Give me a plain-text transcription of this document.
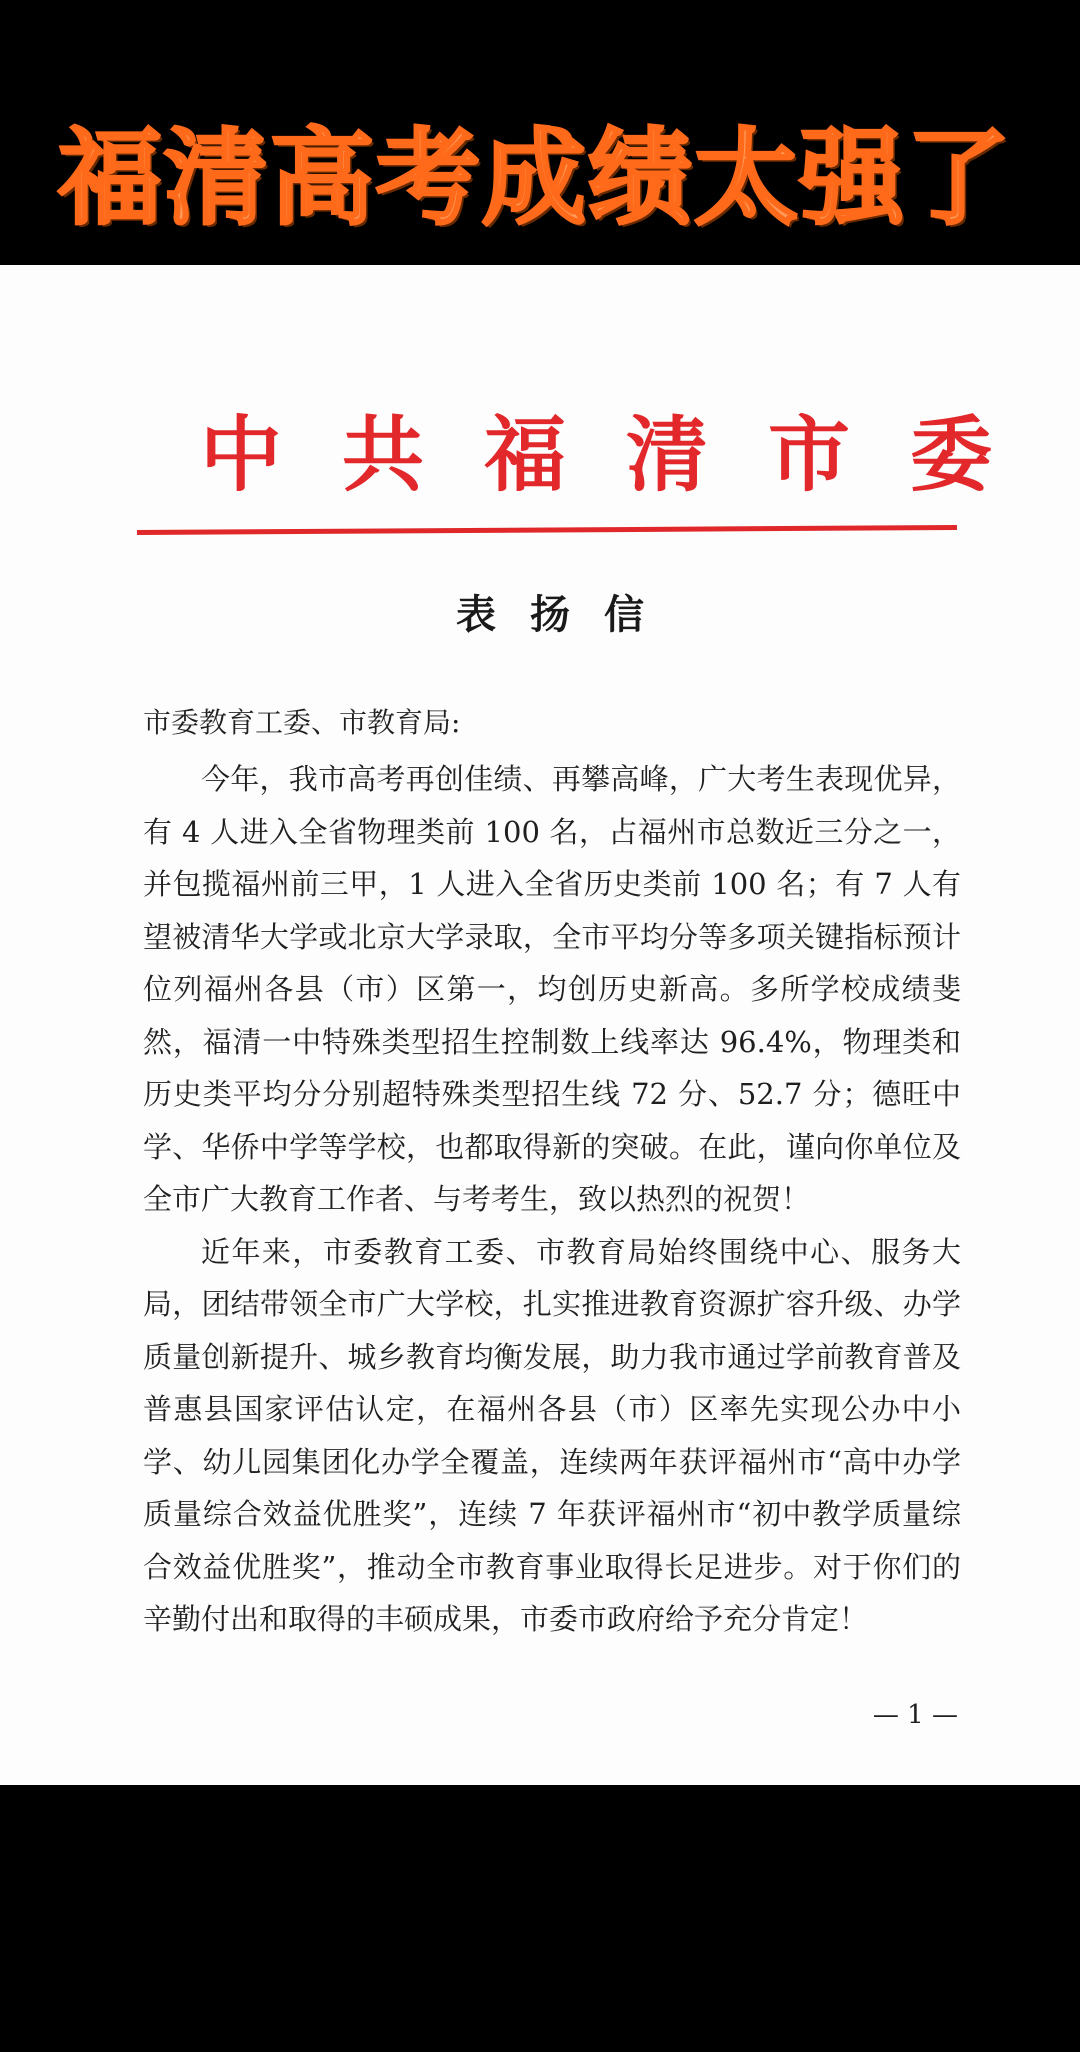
福清高考成绩太强了
中共福清市委
表扬信
市委教育工委、市教育局:

今年，我市高考再创佳绩、再攀高峰，广大考生表现优异，有 4 人进入全省物理类前 100 名，占福州市总数近三分之一，并包揽福州前三甲，1 人进入全省历史类前 100 名；有 7 人有望被清华大学或北京大学录取，全市平均分等多项关键指标预计位列福州各县（市）区第一，均创历史新高。多所学校成绩斐然，福清一中特殊类型招生控制数上线率达 96.4%，物理类和历史类平均分分别超特殊类型招生线 72 分、52.7 分；德旺中学、华侨中学等学校，也都取得新的突破。在此，谨向你单位及全市广大教育工作者、与考考生，致以热烈的祝贺！

近年来，市委教育工委、市教育局始终围绕中心、服务大局，团结带领全市广大学校，扎实推进教育资源扩容升级、办学质量创新提升、城乡教育均衡发展，助力我市通过学前教育普及普惠县国家评估认定，在福州各县（市）区率先实现公办中小学、幼儿园集团化办学全覆盖，连续两年获评福州市“高中办学质量综合效益优胜奖”，连续 7 年获评福州市“初中教学质量综合效益优胜奖”，推动全市教育事业取得长足进步。对于你们的辛勤付出和取得的丰硕成果，市委市政府给予充分肯定！

— 1 —
